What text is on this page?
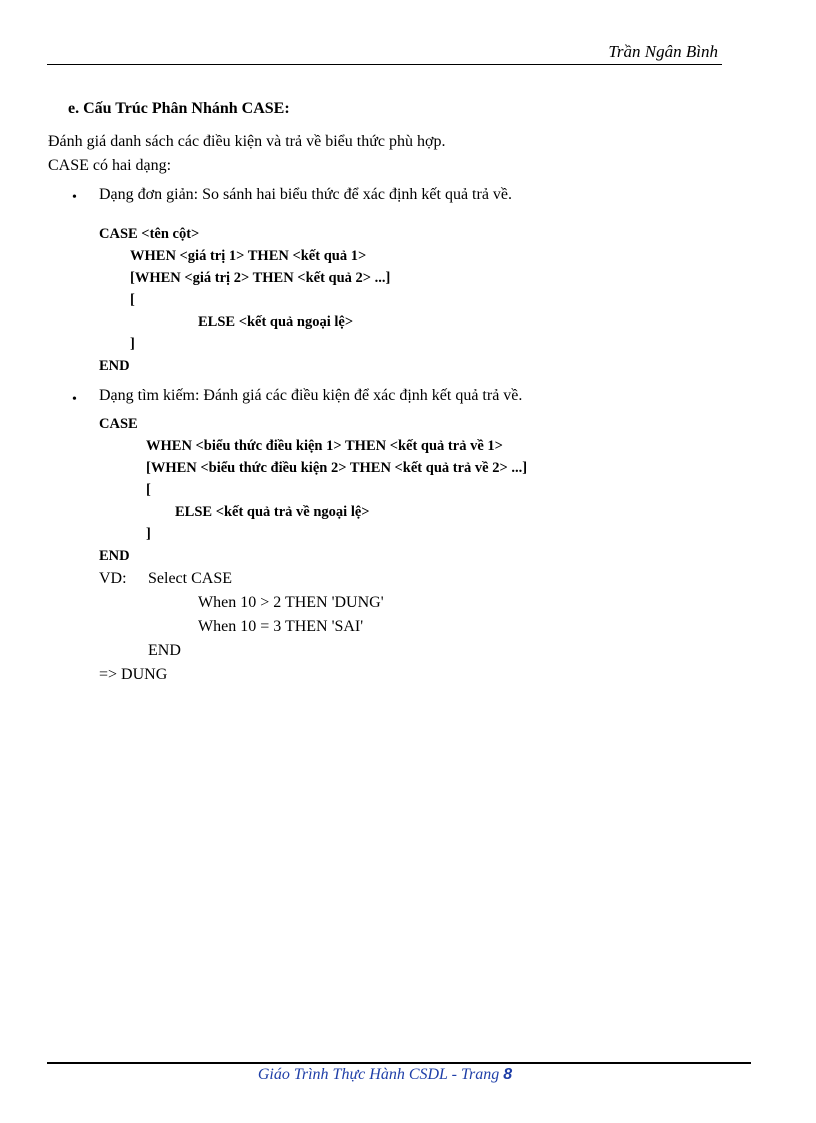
Trần Ngân Bình
e. Cấu Trúc Phân Nhánh CASE:
Đánh giá danh sách các điều kiện và trả về biểu thức phù hợp.
CASE có hai dạng:
• Dạng đơn giản: So sánh hai biểu thức để xác định kết quả trả về.
CASE <tên cột>
WHEN <giá trị 1> THEN <kết quả 1>
[WHEN <giá trị 2> THEN <kết quả 2> ...]
[
ELSE <kết quả ngoại lệ>
]
END
• Dạng tìm kiếm: Đánh giá các điều kiện để xác định kết quả trả về.
CASE
WHEN <biểu thức điều kiện 1> THEN <kết quả trả về 1>
[WHEN <biểu thức điều kiện 2> THEN <kết quả trả về 2> ...]
[
ELSE <kết quả trả về ngoại lệ>
]
END
VD: Select CASE
When 10 > 2 THEN 'DUNG'
When 10 = 3 THEN 'SAI'
END
=> DUNG
Giáo Trình Thực Hành CSDL - Trang 8
